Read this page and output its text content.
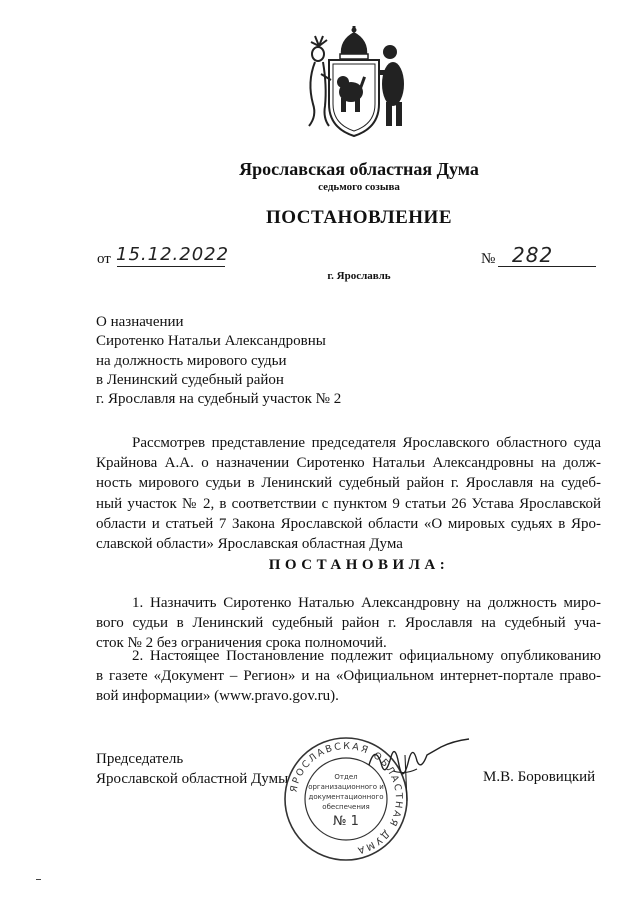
Ярославская областная Дума
седьмого созыва
ПОСТАНОВЛЕНИЕ
от 15.12.2022	№ 282
г. Ярославль
О назначении
Сиротенко Натальи Александровны
на должность мирового судьи
в Ленинский судебный район
г. Ярославля на судебный участок № 2
Рассмотрев представление председателя Ярославского областного суда
Крайнова А.А. о назначении Сиротенко Натальи Александровны на долж-
ность мирового судьи в Ленинский судебный район г. Ярославля на судеб-
ный участок № 2, в соответствии с пунктом 9 статьи 26 Устава Ярославской
области и статьей 7 Закона Ярославской области «О мировых судьях в Яро-
славской области» Ярославская областная Дума
ПОСТАНОВИЛА:
1. Назначить Сиротенко Наталью Александровну на должность миро-
вого судьи в Ленинский судебный район г. Ярославля на судебный уча-
сток № 2 без ограничения срока полномочий.
2. Настоящее Постановление подлежит официальному опубликованию
в газете «Документ – Регион» и на «Официальном интернет-портале право-
вой информации» (www.pravo.gov.ru).
Председатель
Ярославской областной Думы
ЯРОСЛАВСКАЯ ОБЛАСТНАЯ ДУМА
Отдел
организационного и
документационного
обеспечения
№ 1
М.В. Боровицкий
